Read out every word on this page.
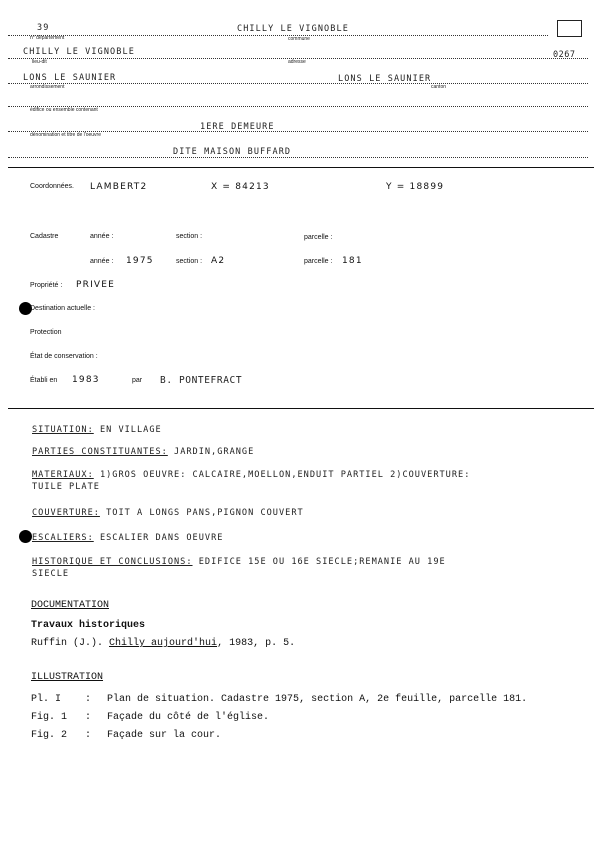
39	CHILLY LE VIGNOBLE
n° département	commune
CHILLY LE VIGNOBLE	0267
lieu-dit	adresse
LONS LE SAUNIER	LONS LE SAUNIER
arrondissement	canton
édifice ou ensemble contenant
1ERE DEMEURE
dénomination et titre de l'oeuvre
DITE MAISON BUFFARD
Coordonnées. LAMBERT2	X = 84213	Y = 18899
Cadastre	année :	section :	parcelle :
année : 1975	section : A2	parcelle : 181
Propriété : PRIVEE
Destination actuelle :
Protection
État de conservation :
Établi en 1983	par B. PONTEFRACT
SITUATION: EN VILLAGE
PARTIES CONSTITUANTES: JARDIN,GRANGE
MATERIAUX: 1)GROS OEUVRE: CALCAIRE,MOELLON,ENDUIT PARTIEL 2)COUVERTURE:
TUILE PLATE
COUVERTURE: TOIT A LONGS PANS,PIGNON COUVERT
ESCALIERS: ESCALIER DANS OEUVRE
HISTORIQUE ET CONCLUSIONS: EDIFICE 15E OU 16E SIECLE;REMANIE AU 19E
SIECLE
DOCUMENTATION
Travaux historiques
Ruffin (J.). Chilly aujourd'hui, 1983, p. 5.
ILLUSTRATION
Pl. I : Plan de situation. Cadastre 1975, section A, 2e feuille, parcelle 181.
Fig. 1 : Façade du côté de l'église.
Fig. 2 : Façade sur la cour.
